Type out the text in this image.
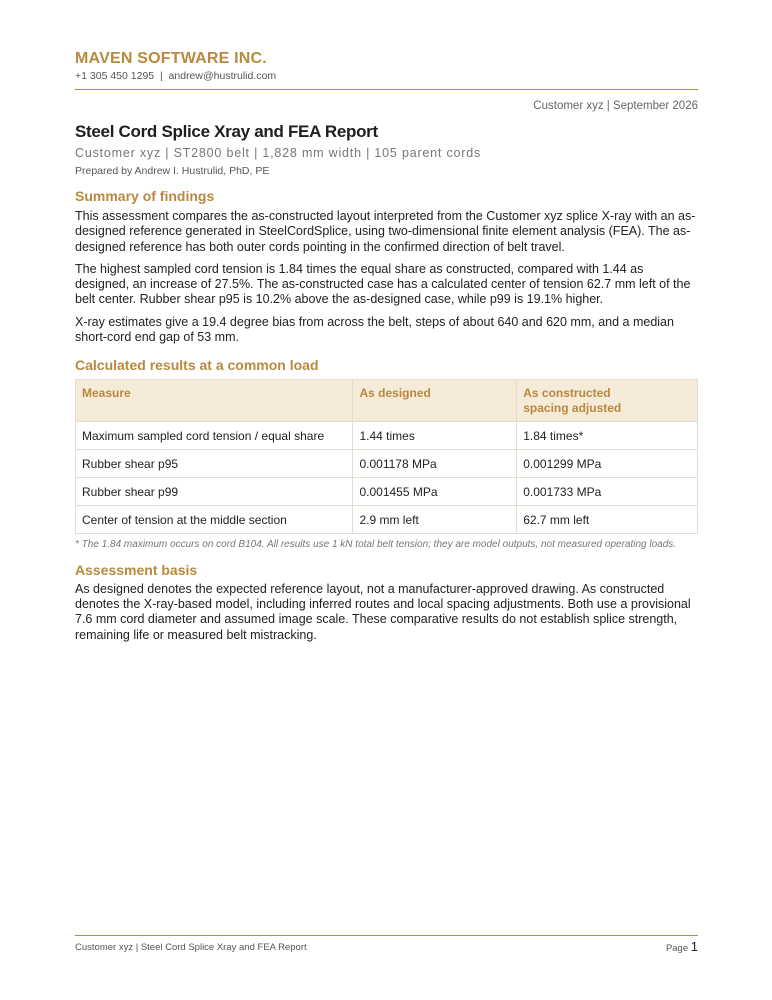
MAVEN SOFTWARE INC.
+1 305 450 1295 | andrew@hustrulid.com
Customer xyz | September 2026
Steel Cord Splice Xray and FEA Report
Customer xyz | ST2800 belt | 1,828 mm width | 105 parent cords
Prepared by Andrew I. Hustrulid, PhD, PE
Summary of findings

This assessment compares the as-constructed layout interpreted from the Customer xyz splice X-ray with an as-designed reference generated in SteelCordSplice, using two-dimensional finite element analysis (FEA). The as-designed reference has both outer cords pointing in the confirmed direction of belt travel.

The highest sampled cord tension is 1.84 times the equal share as constructed, compared with 1.44 as designed, an increase of 27.5%. The as-constructed case has a calculated center of tension 62.7 mm left of the belt center. Rubber shear p95 is 10.2% above the as-designed case, while p99 is 19.1% higher.

X-ray estimates give a 19.4 degree bias from across the belt, steps of about 640 and 620 mm, and a median short-cord end gap of 53 mm.

Calculated results at a common load
Measure	As designed	As constructed
spacing adjusted
Maximum sampled cord tension / equal share	1.44 times	1.84 times*
Rubber shear p95	0.001178 MPa	0.001299 MPa
Rubber shear p99	0.001455 MPa	0.001733 MPa
Center of tension at the middle section	2.9 mm left	62.7 mm left
* The 1.84 maximum occurs on cord B104. All results use 1 kN total belt tension; they are model outputs, not measured operating loads.
Assessment basis

As designed denotes the expected reference layout, not a manufacturer-approved drawing. As constructed denotes the X-ray-based model, including inferred routes and local spacing adjustments. Both use a provisional 7.6 mm cord diameter and assumed image scale. These comparative results do not establish splice strength, remaining life or measured belt mistracking.

Customer xyz | Steel Cord Splice Xray and FEA Report	Page 1
